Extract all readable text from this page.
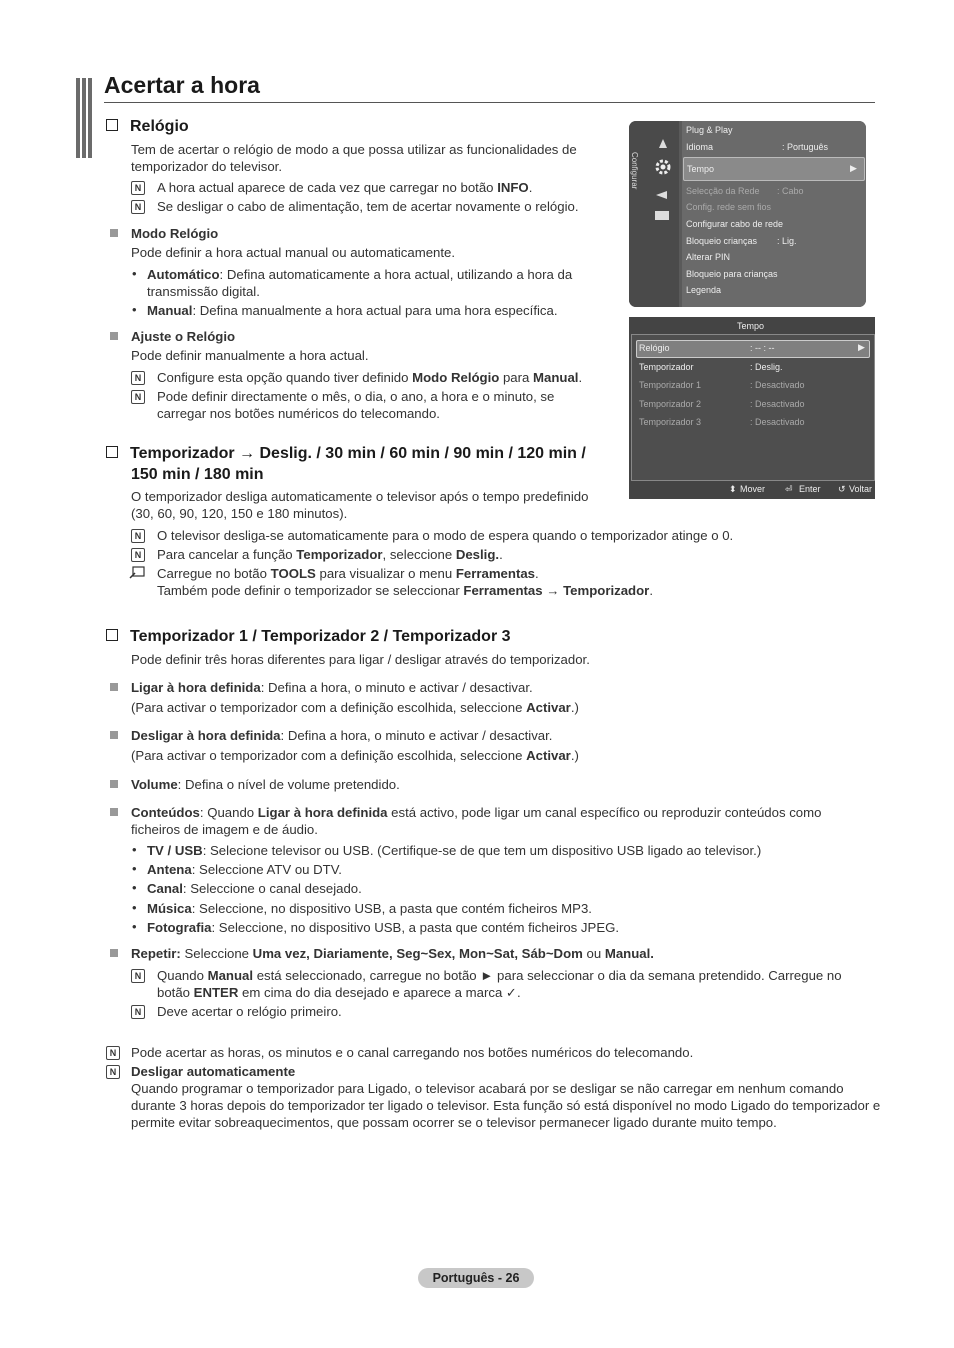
Acertar a hora
Relógio
Tem de acertar o relógio de modo a que possa utilizar as funcionalidades de temporizador do televisor.
N A hora actual aparece de cada vez que carregar no botão INFO.
N Se desligar o cabo de alimentação, tem de acertar novamente o relógio.
Modo Relógio
Pode definir a hora actual manual ou automaticamente.
• Automático: Defina automaticamente a hora actual, utilizando a hora da transmissão digital.
• Manual: Defina manualmente a hora actual para uma hora específica.
Ajuste o Relógio
Pode definir manualmente a hora actual.
N Configure esta opção quando tiver definido Modo Relógio para Manual.
N Pode definir directamente o mês, o dia, o ano, a hora e o minuto, se carregar nos botões numéricos do telecomando.
Temporizador → Deslig. / 30 min / 60 min / 90 min / 120 min /
150 min / 180 min
O temporizador desliga automaticamente o televisor após o tempo predefinido
(30, 60, 90, 120, 150 e 180 minutos).
N O televisor desliga-se automaticamente para o modo de espera quando o temporizador atinge o 0.
N Para cancelar a função Temporizador, seleccione Deslig..
Carregue no botão TOOLS para visualizar o menu Ferramentas.
Também pode definir o temporizador se seleccionar Ferramentas → Temporizador.
Temporizador 1 / Temporizador 2 / Temporizador 3
Pode definir três horas diferentes para ligar / desligar através do temporizador.
Ligar à hora definida: Defina a hora, o minuto e activar / desactivar.
(Para activar o temporizador com a definição escolhida, seleccione Activar.)
Desligar à hora definida: Defina a hora, o minuto e activar / desactivar.
(Para activar o temporizador com a definição escolhida, seleccione Activar.)
Volume: Defina o nível de volume pretendido.
Conteúdos: Quando Ligar à hora definida está activo, pode ligar um canal específico ou reproduzir conteúdos como ficheiros de imagem e de áudio.
• TV / USB: Selecione televisor ou USB. (Certifique-se de que tem um dispositivo USB ligado ao televisor.)
• Antena: Seleccione ATV ou DTV.
• Canal: Seleccione o canal desejado.
• Música: Seleccione, no dispositivo USB, a pasta que contém ficheiros MP3.
• Fotografia: Seleccione, no dispositivo USB, a pasta que contém ficheiros JPEG.
Repetir: Seleccione Uma vez, Diariamente, Seg~Sex, Mon~Sat, Sáb~Dom ou Manual.
N Quando Manual está seleccionado, carregue no botão ► para seleccionar o dia da semana pretendido. Carregue no
botão ENTER em cima do dia desejado e aparece a marca ✓.
N Deve acertar o relógio primeiro.
N Pode acertar as horas, os minutos e o canal carregando nos botões numéricos do telecomando.
N Desligar automaticamente
Quando programar o temporizador para Ligado, o televisor acabará por se desligar se não carregar em nenhum comando durante 3 horas depois do temporizador ter ligado o televisor. Esta função só está disponível no modo Ligado do temporizador e permite evitar sobreaquecimentos, que possam ocorrer se o televisor permanecer ligado durante muito tempo.
Configurar
Plug & Play
Idioma	: Português
Tempo	▶
Selecção da Rede : Cabo
Config. rede sem fios
Configurar cabo de rede
Bloqueio crianças : Lig.
Alterar PIN
Bloqueio para crianças
Legenda
Tempo
Relógio	: -- : --	▶
Temporizador	: Deslig.
Temporizador 1	: Desactivado
Temporizador 2	: Desactivado
Temporizador 3	: Desactivado
⬍ Mover ⏎ Enter ↺ Voltar
Português - 26
